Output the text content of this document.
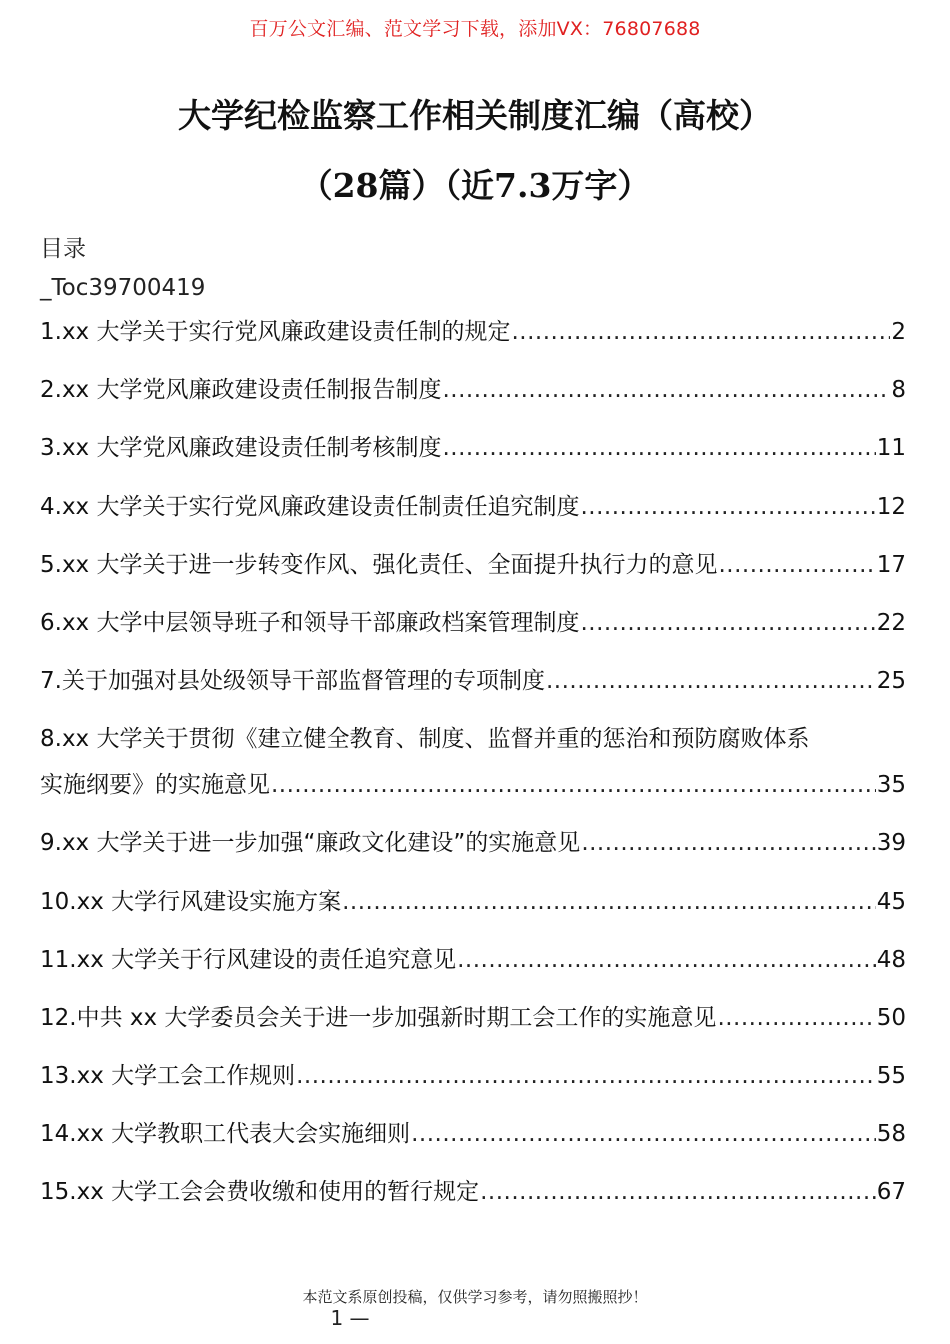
百万公文汇编、范文学习下载，添加VX：76807688
大学纪检监察工作相关制度汇编（高校）
（28篇）（近7.3万字）
目录
_Toc39700419
1.xx 大学关于实行党风廉政建设责任制的规定 .....	2
2.xx 大学党风廉政建设责任制报告制度 .....	8
3.xx 大学党风廉政建设责任制考核制度 .....	11
4.xx 大学关于实行党风廉政建设责任制责任追究制度 .....	12
5.xx 大学关于进一步转变作风、强化责任、全面提升执行力的意见 .....	17
6.xx 大学中层领导班子和领导干部廉政档案管理制度 .....	22
7.关于加强对县处级领导干部监督管理的专项制度 .....	25
8.xx 大学关于贯彻《建立健全教育、制度、监督并重的惩治和预防腐败体系
实施纲要》的实施意见 .....	35
9.xx 大学关于进一步加强“廉政文化建设”的实施意见 .....	39
10.xx 大学行风建设实施方案 .....	45
11.xx 大学关于行风建设的责任追究意见 .....	48
12.中共 xx 大学委员会关于进一步加强新时期工会工作的实施意见 .....	50
13.xx 大学工会工作规则 .....	55
14.xx 大学教职工代表大会实施细则 .....	58
15.xx 大学工会会费收缴和使用的暂行规定 .....	67
本范文系原创投稿，仅供学习参考，请勿照搬照抄！
1 —
